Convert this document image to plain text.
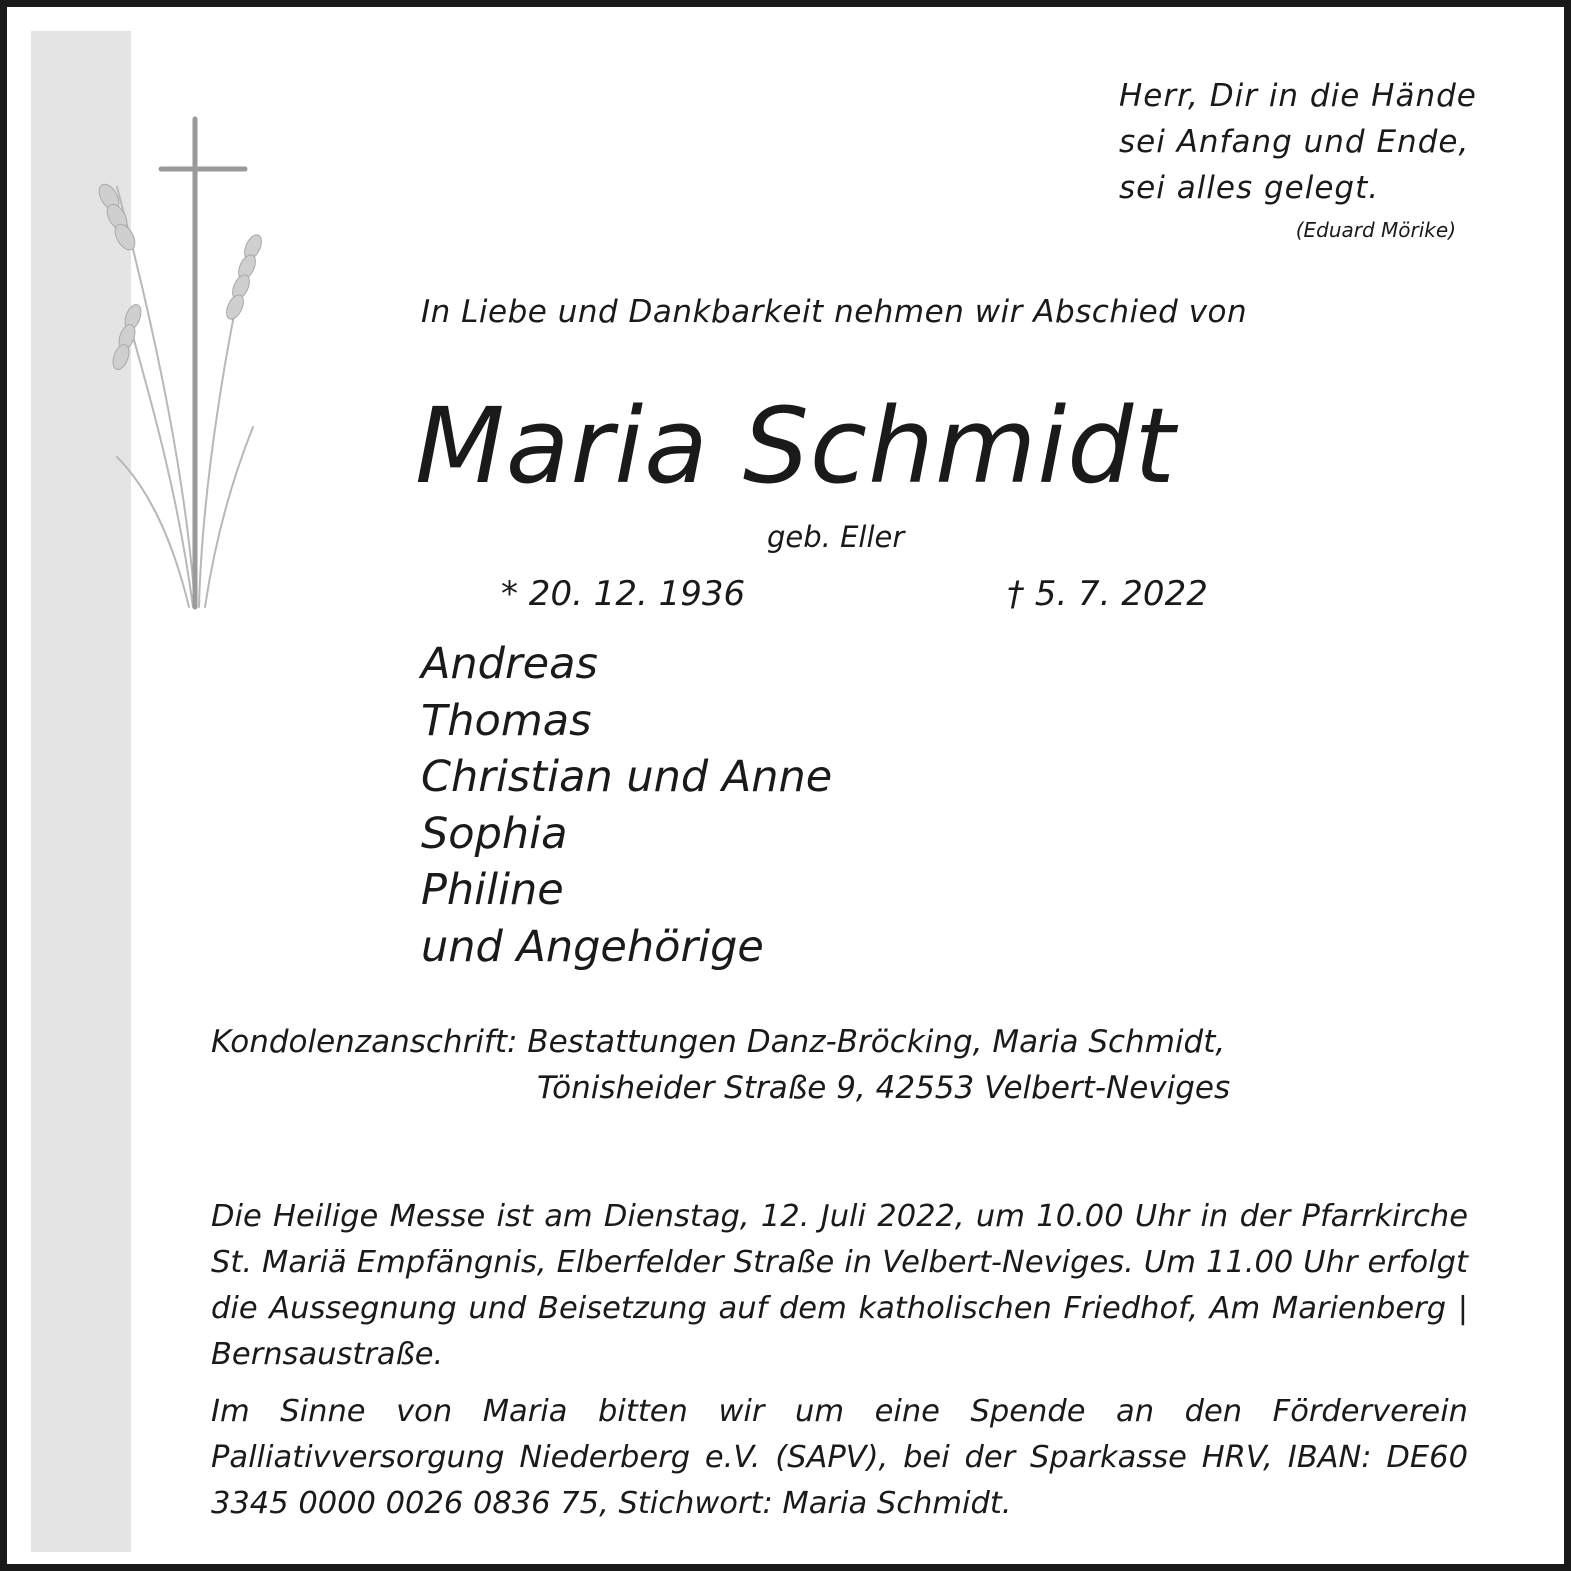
Herr, Dir in die Hände
sei Anfang und Ende,
sei alles gelegt.
(Eduard Mörike)
In Liebe und Dankbarkeit nehmen wir Abschied von
Maria Schmidt
geb. Eller
* 20. 12. 1936	† 5. 7. 2022
Andreas
Thomas
Christian und Anne
Sophia
Philine
und Angehörige
Kondolenzanschrift: Bestattungen Danz-Bröcking, Maria Schmidt,
Tönisheider Straße 9, 42553 Velbert-Neviges
Die Heilige Messe ist am Dienstag, 12. Juli 2022, um 10.00 Uhr in der Pfarrkirche St. Mariä Empfängnis, Elberfelder Straße in Velbert-Neviges. Um 11.00 Uhr erfolgt die Aussegnung und Beisetzung auf dem katholischen Friedhof, Am Marienberg | Bernsaustraße.
Im Sinne von Maria bitten wir um eine Spende an den Förderverein Palliativversorgung Niederberg e.V. (SAPV), bei der Sparkasse HRV, IBAN: DE60 3345 0000 0026 0836 75, Stichwort: Maria Schmidt.
